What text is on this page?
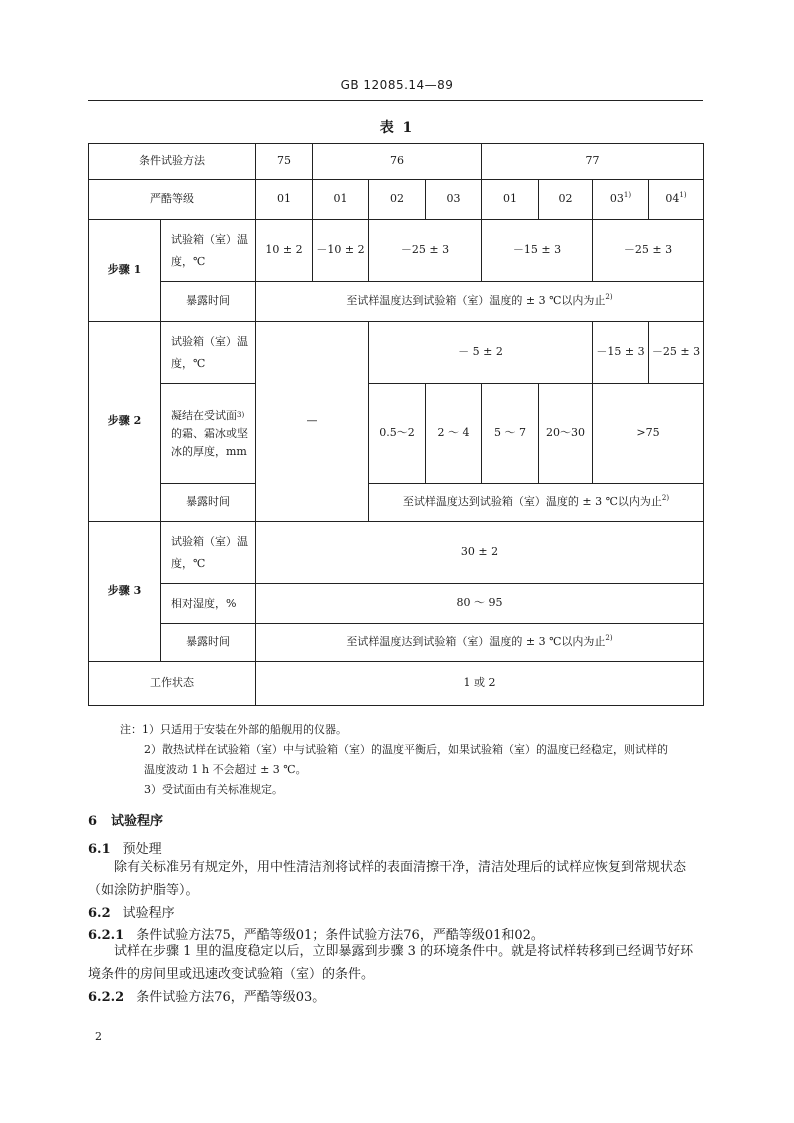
GB 12085.14—89
表 1
条件试验方法		75	76			77			
严酷等级		01	01	02	03	01	02	03$^{1)}$	04$^{1)}$
步骤 1	试验箱（室）温度，℃	10 ± 2	－10 ± 2	－25 ± 3		－15 ± 3		－25 ± 3	
	暴露时间	至试样温度达到试验箱（室）温度的 ± 3 ℃以内为止$^{2)}$
步骤 2	试验箱（室）温度，℃	—		－ 5 ± 2				－15 ± 3	－25 ± 3
	凝结在受试面$^{3)}$的霜、霜冰或坚冰的厚度，mm			0.5～2	2 ～ 4	5 ～ 7	20～30	>75	
	暴露时间			至试样温度达到试验箱（室）温度的 ± 3 ℃以内为止$^{2)}$
步骤 3	试验箱（室）温度，℃	30 ± 2							
	相对湿度，%	80 ～ 95							
	暴露时间	至试样温度达到试验箱（室）温度的 ± 3 ℃以内为止$^{2)}$
工作状态		1 或 2							

注：1）只适用于安装在外部的船舰用的仪器。

2）散热试样在试验箱（室）中与试验箱（室）的温度平衡后，如果试验箱（室）的温度已经稳定，则试样的

温度波动 1 h 不会超过 ± 3 ℃。

3）受试面由有关标准规定。

6 试验程序
6.1 预处理
除有关标准另有规定外，用中性清洁剂将试样的表面清擦干净，清洁处理后的试样应恢复到常规状态（如涂防护脂等）。
6.2 试验程序
6.2.1 条件试验方法75，严酷等级01；条件试验方法76，严酷等级01和02。
试样在步骤 1 里的温度稳定以后，立即暴露到步骤 3 的环境条件中。就是将试样转移到已经调节好环境条件的房间里或迅速改变试验箱（室）的条件。
6.2.2 条件试验方法76，严酷等级03。
2
